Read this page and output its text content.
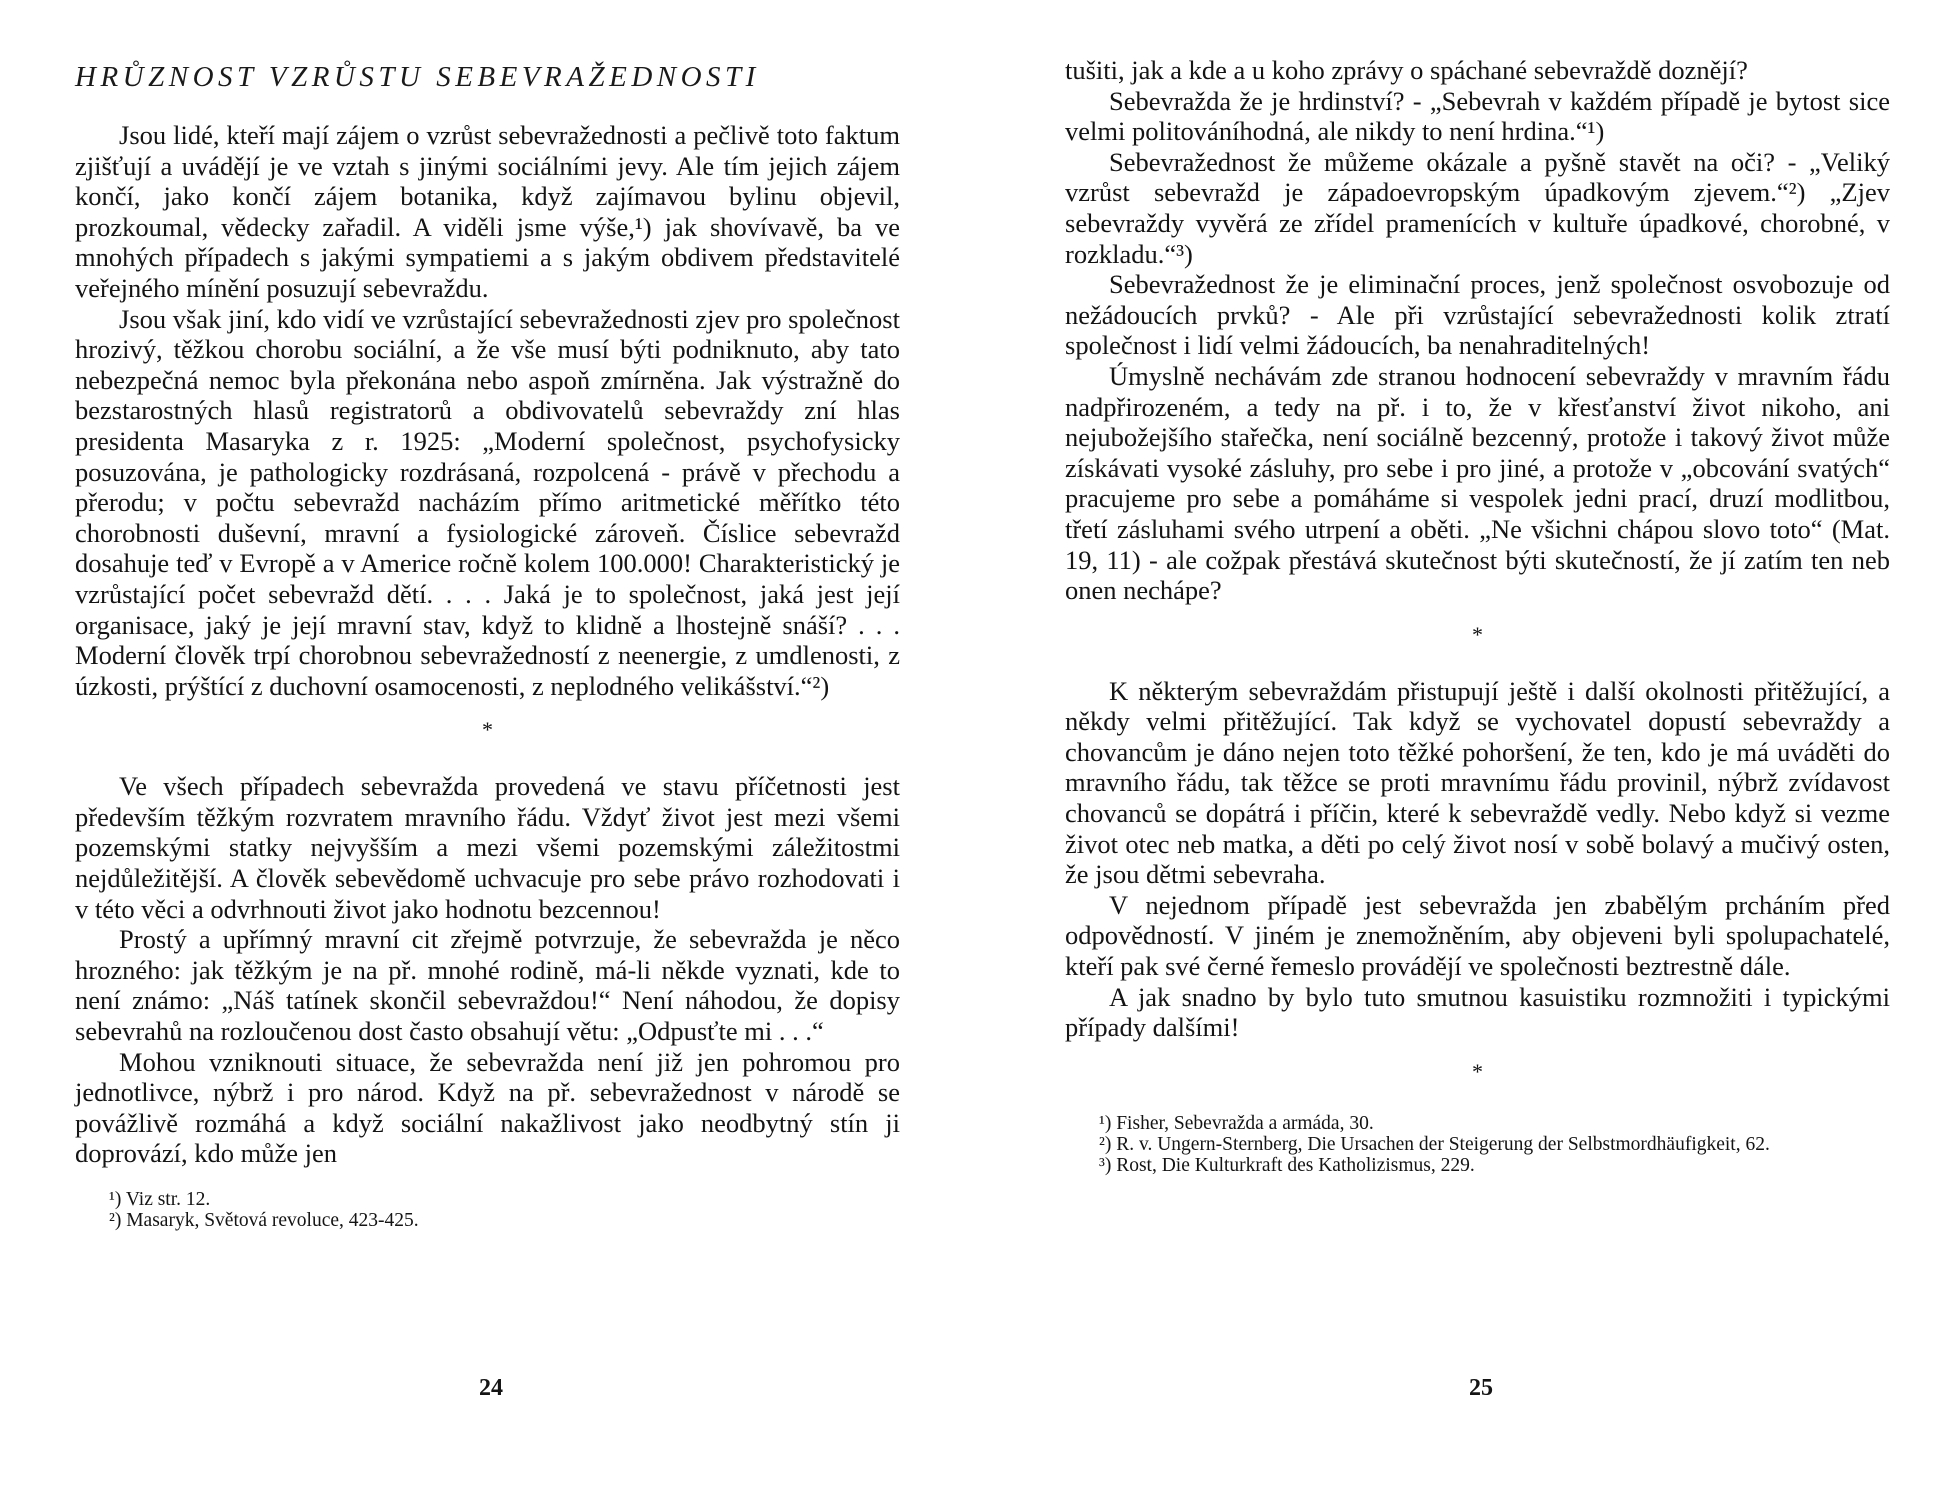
HRŮZNOST VZRŮSTU SEBEVRAŽEDNOSTI

Jsou lidé, kteří mají zájem o vzrůst sebevražednosti a pečlivě toto faktum zjišťují a uvádějí je ve vztah s jinými sociálními jevy. Ale tím jejich zájem končí, jako končí zájem botanika, když zajímavou bylinu objevil, prozkoumal, vědecky zařadil. A viděli jsme výše,¹) jak shovívavě, ba ve mnohých případech s jakými sympatiemi a s jakým obdivem představitelé veřejného mínění posuzují sebevraždu.

Jsou však jiní, kdo vidí ve vzrůstající sebevražednosti zjev pro společnost hrozivý, těžkou chorobu sociální, a že vše musí býti podniknuto, aby tato nebezpečná nemoc byla překonána nebo aspoň zmírněna. Jak výstražně do bezstarostných hlasů registratorů a obdivovatelů sebevraždy zní hlas presidenta Masaryka z r. 1925: „Moderní společnost, psychofysicky posuzována, je pathologicky rozdrásaná, rozpolcená - právě v přechodu a přerodu; v počtu sebevražd nacházím přímo aritmetické měřítko této chorobnosti duševní, mravní a fysiologické zároveň. Číslice sebevražd dosahuje teď v Evropě a v Americe ročně kolem 100.000! Charakteristický je vzrůstající počet sebevražd dětí. . . . Jaká je to společnost, jaká jest její organisace, jaký je její mravní stav, když to klidně a lhostejně snáší? . . . Moderní člověk trpí chorobnou sebevražedností z neenergie, z umdlenosti, z úzkosti, prýštící z duchovní osamocenosti, z neplodného velikášství.“²)

*

Ve všech případech sebevražda provedená ve stavu příčetnosti jest především těžkým rozvratem mravního řádu. Vždyť život jest mezi všemi pozemskými statky nejvyšším a mezi všemi pozemskými záležitostmi nejdůležitější. A člověk sebevědomě uchvacuje pro sebe právo rozhodovati i v této věci a odvrhnouti život jako hodnotu bezcennou!

Prostý a upřímný mravní cit zřejmě potvrzuje, že sebevražda je něco hrozného: jak těžkým je na př. mnohé rodině, má-li někde vyznati, kde to není známo: „Náš tatínek skončil sebevraždou!“ Není náhodou, že dopisy sebevrahů na rozloučenou dost často obsahují větu: „Odpusťte mi . . .“

Mohou vzniknouti situace, že sebevražda není již jen pohromou pro jednotlivce, nýbrž i pro národ. Když na př. sebevražednost v národě se povážlivě rozmáhá a když sociální nakažlivost jako neodbytný stín ji doprovází, kdo může jen

¹) Viz str. 12.
²) Masaryk, Světová revoluce, 423-425.
24

tušiti, jak a kde a u koho zprávy o spáchané sebevraždě doznějí?

Sebevražda že je hrdinství? - „Sebevrah v každém případě je bytost sice velmi politováníhodná, ale nikdy to není hrdina.“¹)

Sebevražednost že můžeme okázale a pyšně stavět na oči? - „Veliký vzrůst sebevražd je západoevropským úpadkovým zjevem.“²) „Zjev sebevraždy vyvěrá ze zřídel pramenících v kultuře úpadkové, chorobné, v rozkladu.“³)

Sebevražednost že je eliminační proces, jenž společnost osvobozuje od nežádoucích prvků? - Ale při vzrůstající sebevražednosti kolik ztratí společnost i lidí velmi žádoucích, ba nenahraditelných!

Úmyslně nechávám zde stranou hodnocení sebevraždy v mravním řádu nadpřirozeném, a tedy na př. i to, že v křesťanství život nikoho, ani nejubožejšího stařečka, není sociálně bezcenný, protože i takový život může získávati vysoké zásluhy, pro sebe i pro jiné, a protože v „obcování svatých“ pracujeme pro sebe a pomáháme si vespolek jedni prací, druzí modlitbou, třetí zásluhami svého utrpení a oběti. „Ne všichni chápou slovo toto“ (Mat. 19, 11) - ale cožpak přestává skutečnost býti skutečností, že jí zatím ten neb onen nechápe?

*

K některým sebevraždám přistupují ještě i další okolnosti přitěžující, a někdy velmi přitěžující. Tak když se vychovatel dopustí sebevraždy a chovancům je dáno nejen toto těžké pohoršení, že ten, kdo je má uváděti do mravního řádu, tak těžce se proti mravnímu řádu provinil, nýbrž zvídavost chovanců se dopátrá i příčin, které k sebevraždě vedly. Nebo když si vezme život otec neb matka, a děti po celý život nosí v sobě bolavý a mučivý osten, že jsou dětmi sebevraha.

V nejednom případě jest sebevražda jen zbabělým prcháním před odpovědností. V jiném je znemožněním, aby objeveni byli spolupachatelé, kteří pak své černé řemeslo provádějí ve společnosti beztrestně dále.

A jak snadno by bylo tuto smutnou kasuistiku rozmnožiti i typickými případy dalšími!

*
¹) Fisher, Sebevražda a armáda, 30.
²) R. v. Ungern-Sternberg, Die Ursachen der Steigerung der Selbstmordhäufigkeit, 62.
³) Rost, Die Kulturkraft des Katholizismus, 229.
25
